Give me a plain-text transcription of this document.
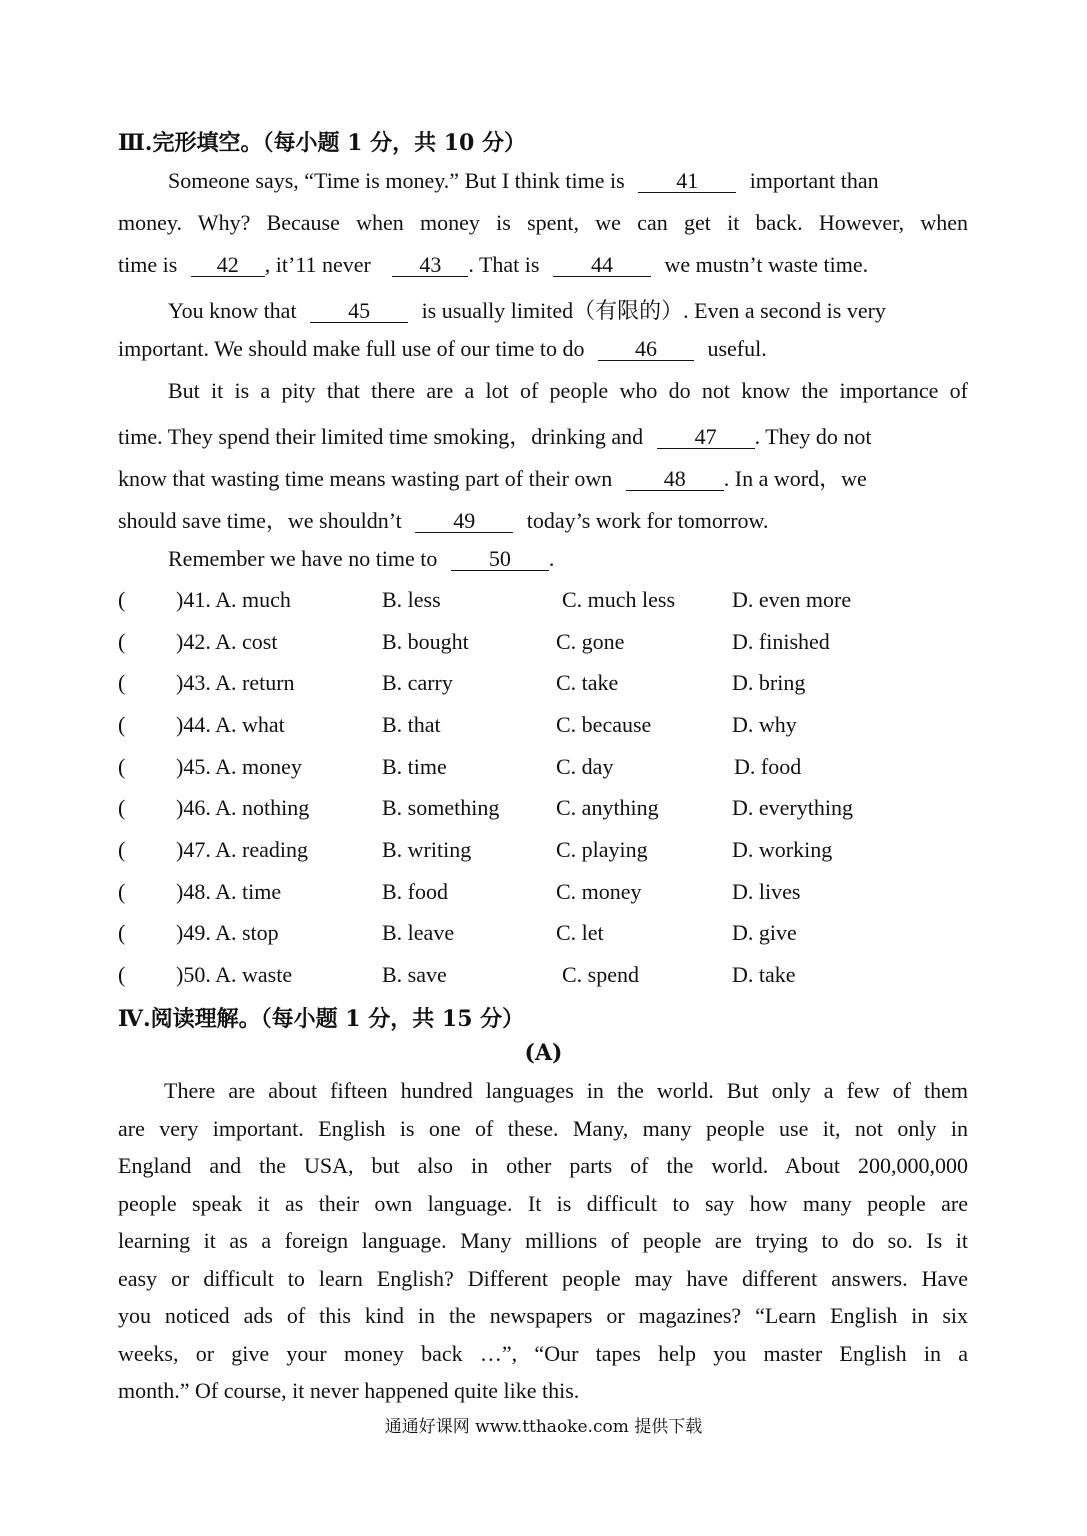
Ⅲ.完形填空。（每小题 1 分，共 10 分）
Someone says, “Time is money.” But I think time is 41 important than
money. Why? Because when money is spent, we can get it back. However, when
time is 42 , it’11 never 43 . That is 44 we mustn’t waste time.
You know that 45 is usually limited（有限的）. Even a second is very
important. We should make full use of our time to do 46 useful.
But it is a pity that there are a lot of people who do not know the importance of
time. They spend their limited time smoking，drinking and 47 . They do not
know that wasting time means wasting part of their own 48 . In a word，we
should save time，we shouldn’t 49 today’s work for tomorrow.
Remember we have no time to 50 .
( )41. A. much	B. less	C. much less	D. even more
( )42. A. cost	B. bought	C. gone	D. finished
( )43. A. return	B. carry	C. take	D. bring
( )44. A. what	B. that	C. because	D. why
( )45. A. money	B. time	C. day	D. food
( )46. A. nothing	B. something	C. anything	D. everything
( )47. A. reading	B. writing	C. playing	D. working
( )48. A. time	B. food	C. money	D. lives
( )49. A. stop	B. leave	C. let	D. give
( )50. A. waste	B. save	C. spend	D. take
Ⅳ.阅读理解。（每小题 1 分，共 15 分）
(A)
There are about fifteen hundred languages in the world. But only a few of them
are very important. English is one of these. Many, many people use it, not only in
England and the USA, but also in other parts of the world. About 200,000,000
people speak it as their own language. It is difficult to say how many people are
learning it as a foreign language. Many millions of people are trying to do so. Is it
easy or difficult to learn English? Different people may have different answers. Have
you noticed ads of this kind in the newspapers or magazines? “Learn English in six
weeks, or give your money back …”, “Our tapes help you master English in a
month.” Of course, it never happened quite like this.
通通好课网 www.tthaoke.com 提供下载
